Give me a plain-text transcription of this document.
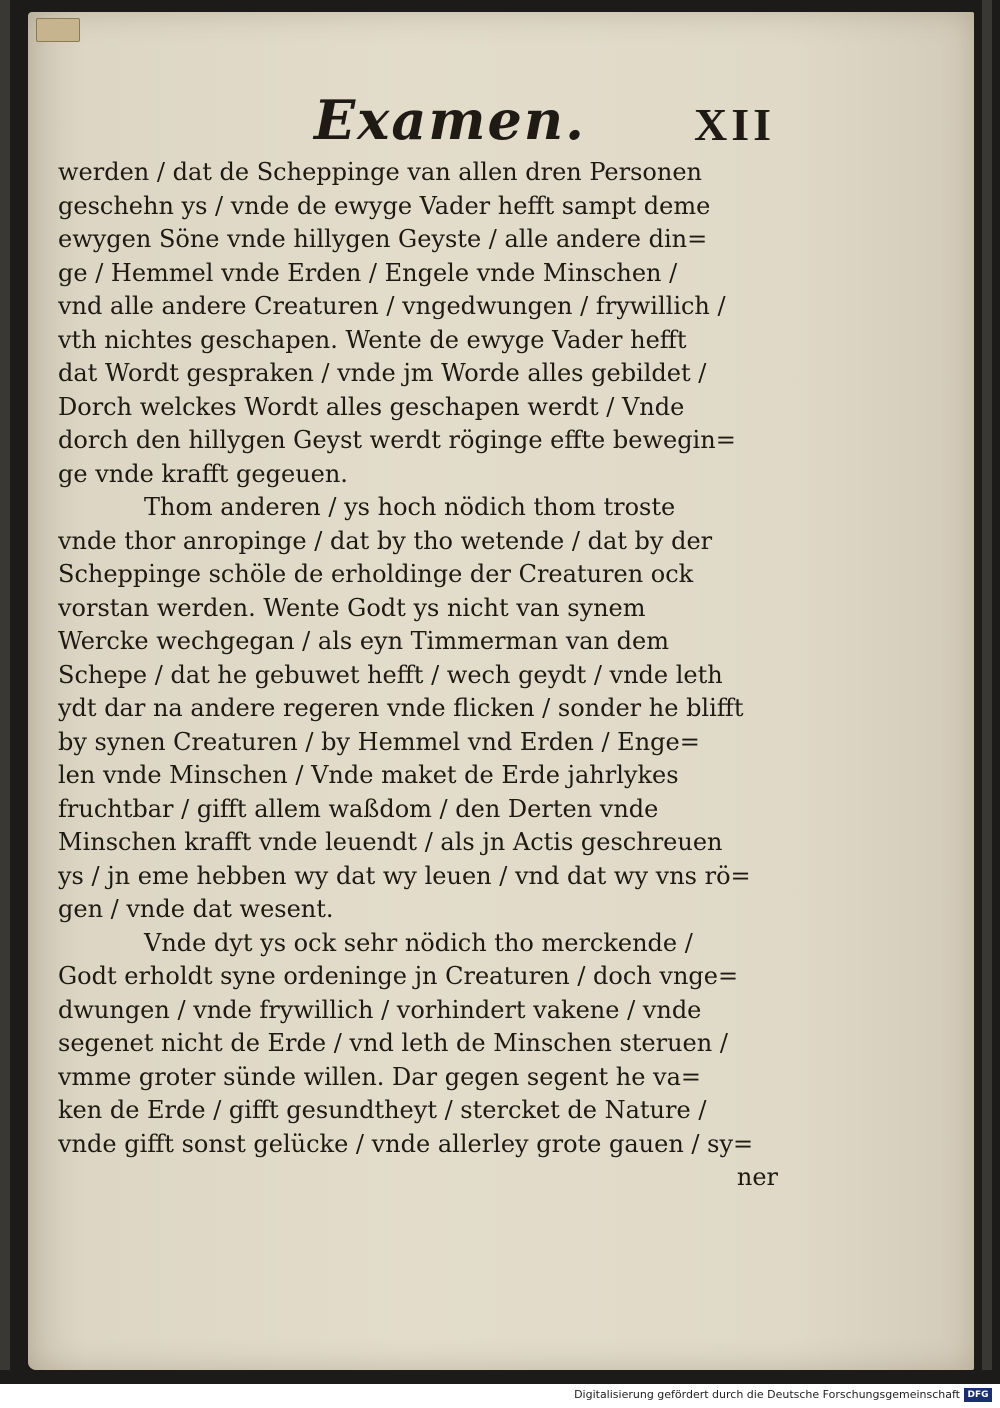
Examen. XII
werden / dat de Scheppinge van allen dren Personen
geschehn ys / vnde de ewyge Vader hefft sampt deme
ewygen Söne vnde hillygen Geyste / alle andere din=
ge / Hemmel vnde Erden / Engele vnde Minschen /
vnd alle andere Creaturen / vngedwungen / frywillich /
vth nichtes geschapen. Wente de ewyge Vader hefft
dat Wordt gespraken / vnde jm Worde alles gebildet /
Dorch welckes Wordt alles geschapen werdt / Vnde
dorch den hillygen Geyst werdt röginge effte bewegin=
ge vnde krafft gegeuen.
Thom anderen / ys hoch nödich thom troste
vnde thor anropinge / dat by tho wetende / dat by der
Scheppinge schöle de erholdinge der Creaturen ock
vorstan werden. Wente Godt ys nicht van synem
Wercke wechgegan / als eyn Timmerman van dem
Schepe / dat he gebuwet hefft / wech geydt / vnde leth
ydt dar na andere regeren vnde flicken / sonder he blifft
by synen Creaturen / by Hemmel vnd Erden / Enge=
len vnde Minschen / Vnde maket de Erde jahrlykes
fruchtbar / gifft allem waßdom / den Derten vnde
Minschen krafft vnde leuendt / als jn Actis geschreuen
ys / jn eme hebben wy dat wy leuen / vnd dat wy vns rö=
gen / vnde dat wesent.
Vnde dyt ys ock sehr nödich tho merckende /
Godt erholdt syne ordeninge jn Creaturen / doch vnge=
dwungen / vnde frywillich / vorhindert vakene / vnde
segenet nicht de Erde / vnd leth de Minschen steruen /
vmme groter sünde willen. Dar gegen segent he va=
ken de Erde / gifft gesundtheyt / stercket de Nature /
vnde gifft sonst gelücke / vnde allerley grote gauen / sy=
ner
Digitalisierung gefördert durch die Deutsche Forschungsgemeinschaft DFG
